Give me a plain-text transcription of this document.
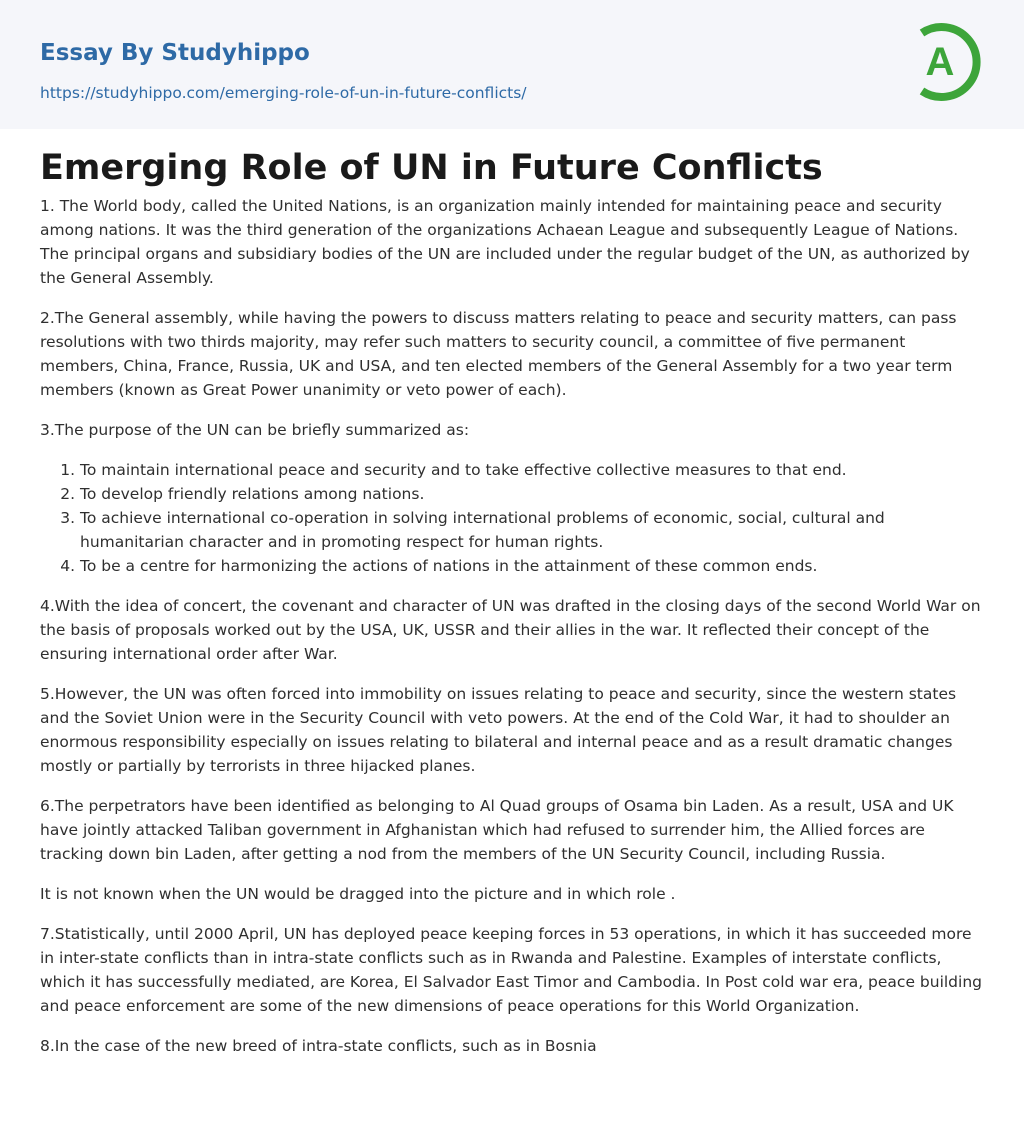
Essay By Studyhippo
https://studyhippo.com/emerging-role-of-un-in-future-conflicts/
A
Emerging Role of UN in Future Conflicts

1. The World body, called the United Nations, is an organization mainly intended for maintaining peace and security among nations. It was the third generation of the organizations Achaean League and subsequently League of Nations. The principal organs and subsidiary bodies of the UN are included under the regular budget of the UN, as authorized by the General Assembly.

2.The General assembly, while having the powers to discuss matters relating to peace and security matters, can pass resolutions with two thirds majority, may refer such matters to security council, a committee of five permanent members, China, France, Russia, UK and USA, and ten elected members of the General Assembly for a two year term members (known as Great Power unanimity or veto power of each).

3.The purpose of the UN can be briefly summarized as:

1. To maintain international peace and security and to take effective collective measures to that end.
2. To develop friendly relations among nations.
3. To achieve international co-operation in solving international problems of economic, social, cultural and humanitarian character and in promoting respect for human rights.
4. To be a centre for harmonizing the actions of nations in the attainment of these common ends.

4.With the idea of concert, the covenant and character of UN was drafted in the closing days of the second World War on the basis of proposals worked out by the USA, UK, USSR and their allies in the war. It reflected their concept of the ensuring international order after War.

5.However, the UN was often forced into immobility on issues relating to peace and security, since the western states and the Soviet Union were in the Security Council with veto powers. At the end of the Cold War, it had to shoulder an enormous responsibility especially on issues relating to bilateral and internal peace and as a result dramatic changes mostly or partially by terrorists in three hijacked planes.

6.The perpetrators have been identified as belonging to Al Quad groups of Osama bin Laden. As a result, USA and UK have jointly attacked Taliban government in Afghanistan which had refused to surrender him, the Allied forces are tracking down bin Laden, after getting a nod from the members of the UN Security Council, including Russia.

It is not known when the UN would be dragged into the picture and in which role .

7.Statistically, until 2000 April, UN has deployed peace keeping forces in 53 operations, in which it has succeeded more in inter-state conflicts than in intra-state conflicts such as in Rwanda and Palestine. Examples of interstate conflicts, which it has successfully mediated, are Korea, El Salvador East Timor and Cambodia. In Post cold war era, peace building and peace enforcement are some of the new dimensions of peace operations for this World Organization.

8.In the case of the new breed of intra-state conflicts, such as in Bosnia
